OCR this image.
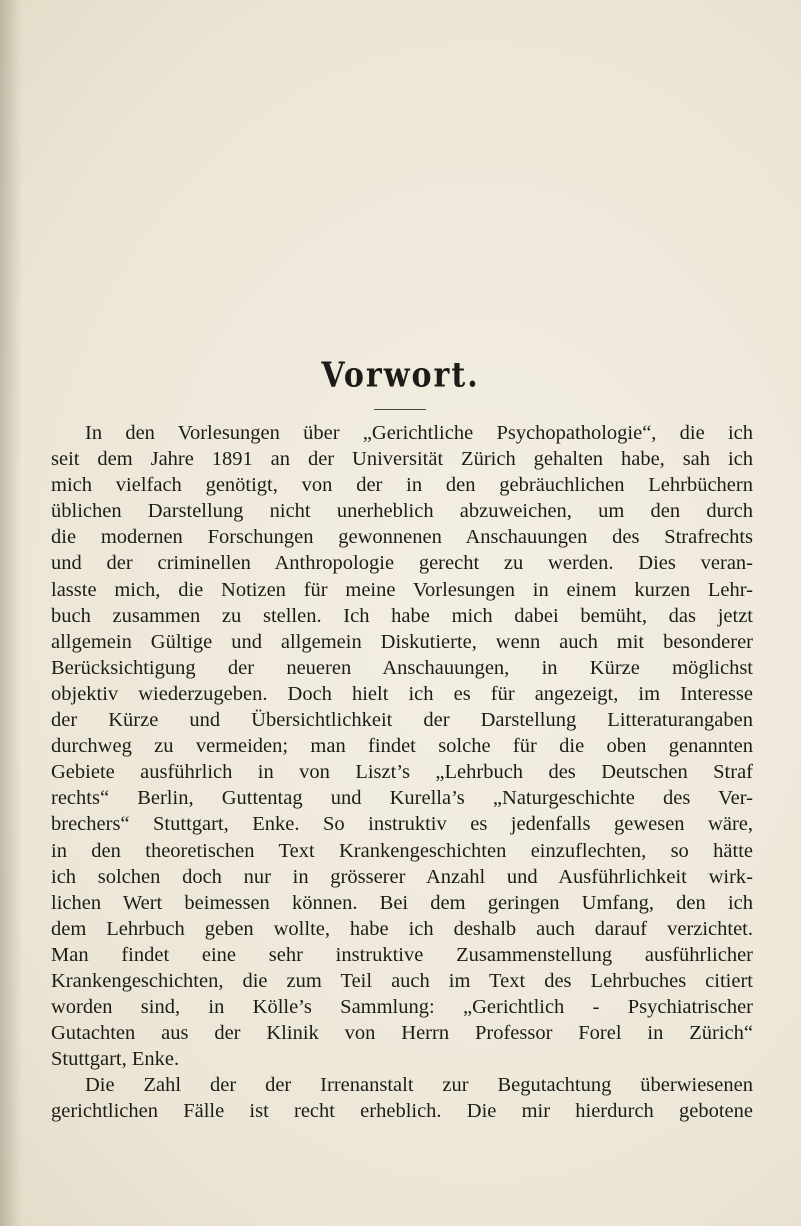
Vorwort.
In den Vorlesungen über „Gerichtliche Psychopathologie“, die ich
seit dem Jahre 1891 an der Universität Zürich gehalten habe, sah ich
mich vielfach genötigt, von der in den gebräuchlichen Lehrbüchern
üblichen Darstellung nicht unerheblich abzuweichen, um den durch
die modernen Forschungen gewonnenen Anschauungen des Strafrechts
und der criminellen Anthropologie gerecht zu werden. Dies veran-
lasste mich, die Notizen für meine Vorlesungen in einem kurzen Lehr-
buch zusammen zu stellen. Ich habe mich dabei bemüht, das jetzt
allgemein Gültige und allgemein Diskutierte, wenn auch mit besonderer
Berücksichtigung der neueren Anschauungen, in Kürze möglichst
objektiv wiederzugeben. Doch hielt ich es für angezeigt, im Interesse
der Kürze und Übersichtlichkeit der Darstellung Litteraturangaben
durchweg zu vermeiden; man findet solche für die oben genannten
Gebiete ausführlich in von Liszt’s „Lehrbuch des Deutschen Straf
rechts“ Berlin, Guttentag und Kurella’s „Naturgeschichte des Ver-
brechers“ Stuttgart, Enke. So instruktiv es jedenfalls gewesen wäre,
in den theoretischen Text Krankengeschichten einzuflechten, so hätte
ich solchen doch nur in grösserer Anzahl und Ausführlichkeit wirk-
lichen Wert beimessen können. Bei dem geringen Umfang, den ich
dem Lehrbuch geben wollte, habe ich deshalb auch darauf verzichtet.
Man findet eine sehr instruktive Zusammenstellung ausführlicher
Krankengeschichten, die zum Teil auch im Text des Lehrbuches citiert
worden sind, in Kölle’s Sammlung: „Gerichtlich - Psychiatrischer
Gutachten aus der Klinik von Herrn Professor Forel in Zürich“
Stuttgart, Enke.
Die Zahl der der Irrenanstalt zur Begutachtung überwiesenen
gerichtlichen Fälle ist recht erheblich. Die mir hierdurch gebotene
